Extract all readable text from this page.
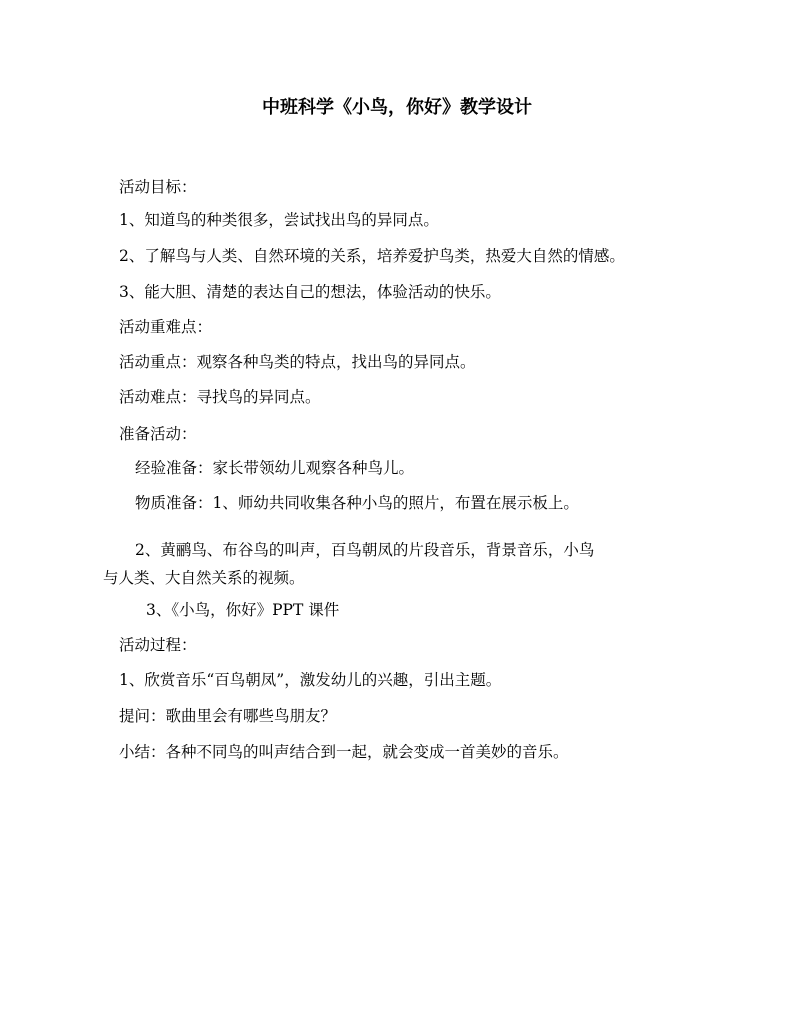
中班科学《小鸟，你好》教学设计
活动目标：
1、知道鸟的种类很多，尝试找出鸟的异同点。
2、了解鸟与人类、自然环境的关系，培养爱护鸟类，热爱大自然的情感。
3、能大胆、清楚的表达自己的想法，体验活动的快乐。
活动重难点：
活动重点：观察各种鸟类的特点，找出鸟的异同点。
活动难点：寻找鸟的异同点。
准备活动：
经验准备：家长带领幼儿观察各种鸟儿。
物质准备：1、师幼共同收集各种小鸟的照片，布置在展示板上。
2、黄鹂鸟、布谷鸟的叫声，百鸟朝凤的片段音乐，背景音乐，小鸟
与人类、大自然关系的视频。
3、《小鸟，你好》PPT 课件
活动过程：
1、欣赏音乐“百鸟朝凤”，激发幼儿的兴趣，引出主题。
提问：歌曲里会有哪些鸟朋友？
小结：各种不同鸟的叫声结合到一起，就会变成一首美妙的音乐。
